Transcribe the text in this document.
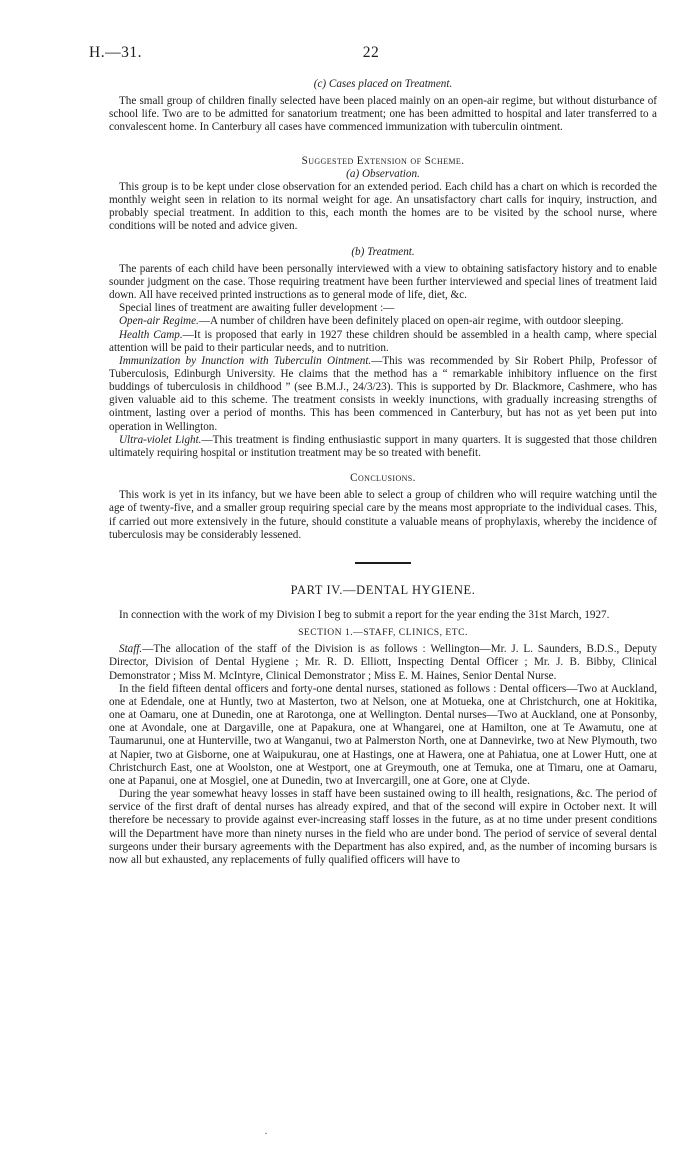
H.—31.	22
(c) Cases placed on Treatment.

The small group of children finally selected have been placed mainly on an open-air regime, but without disturbance of school life. Two are to be admitted for sanatorium treatment; one has been admitted to hospital and later transferred to a convalescent home. In Canterbury all cases have commenced immunization with tuberculin ointment.

Suggested Extension of Scheme.
(a) Observation.

This group is to be kept under close observation for an extended period. Each child has a chart on which is recorded the monthly weight seen in relation to its normal weight for age. An unsatisfactory chart calls for inquiry, instruction, and probably special treatment. In addition to this, each month the homes are to be visited by the school nurse, where conditions will be noted and advice given.

(b) Treatment.

The parents of each child have been personally interviewed with a view to obtaining satisfactory history and to enable sounder judgment on the case. Those requiring treatment have been further interviewed and special lines of treatment laid down. All have received printed instructions as to general mode of life, diet, &c.

Special lines of treatment are awaiting fuller development :—

Open-air Regime.—A number of children have been definitely placed on open-air regime, with outdoor sleeping.

Health Camp.—It is proposed that early in 1927 these children should be assembled in a health camp, where special attention will be paid to their particular needs, and to nutrition.

Immunization by Inunction with Tuberculin Ointment.—This was recommended by Sir Robert Philp, Professor of Tuberculosis, Edinburgh University. He claims that the method has a “ remarkable inhibitory influence on the first buddings of tuberculosis in childhood ” (see B.M.J., 24/3/23). This is supported by Dr. Blackmore, Cashmere, who has given valuable aid to this scheme. The treatment consists in weekly inunctions, with gradually increasing strengths of ointment, lasting over a period of months. This has been commenced in Canterbury, but has not as yet been put into operation in Wellington.

Ultra-violet Light.—This treatment is finding enthusiastic support in many quarters. It is suggested that those children ultimately requiring hospital or institution treatment may be so treated with benefit.

Conclusions.

This work is yet in its infancy, but we have been able to select a group of children who will require watching until the age of twenty-five, and a smaller group requiring special care by the means most appropriate to the individual cases. This, if carried out more extensively in the future, should constitute a valuable means of prophylaxis, whereby the incidence of tuberculosis may be considerably lessened.

PART IV.—DENTAL HYGIENE.

In connection with the work of my Division I beg to submit a report for the year ending the 31st March, 1927.

SECTION 1.—STAFF, CLINICS, ETC.

Staff.—The allocation of the staff of the Division is as follows : Wellington—Mr. J. L. Saunders, B.D.S., Deputy Director, Division of Dental Hygiene ; Mr. R. D. Elliott, Inspecting Dental Officer ; Mr. J. B. Bibby, Clinical Demonstrator ; Miss M. McIntyre, Clinical Demonstrator ; Miss E. M. Haines, Senior Dental Nurse.

In the field fifteen dental officers and forty-one dental nurses, stationed as follows : Dental officers—Two at Auckland, one at Edendale, one at Huntly, two at Masterton, two at Nelson, one at Motueka, one at Christchurch, one at Hokitika, one at Oamaru, one at Dunedin, one at Rarotonga, one at Wellington. Dental nurses—Two at Auckland, one at Ponsonby, one at Avondale, one at Dargaville, one at Papakura, one at Whangarei, one at Hamilton, one at Te Awamutu, one at Taumarunui, one at Hunterville, two at Wanganui, two at Palmerston North, one at Dannevirke, two at New Plymouth, two at Napier, two at Gisborne, one at Waipukurau, one at Hastings, one at Hawera, one at Pahiatua, one at Lower Hutt, one at Christchurch East, one at Woolston, one at Westport, one at Greymouth, one at Temuka, one at Timaru, one at Oamaru, one at Papanui, one at Mosgiel, one at Dunedin, two at Invercargill, one at Gore, one at Clyde.

During the year somewhat heavy losses in staff have been sustained owing to ill health, resignations, &c. The period of service of the first draft of dental nurses has already expired, and that of the second will expire in October next. It will therefore be necessary to provide against ever-increasing staff losses in the future, as at no time under present conditions will the Department have more than ninety nurses in the field who are under bond. The period of service of several dental surgeons under their bursary agreements with the Department has also expired, and, as the number of incoming bursars is now all but exhausted, any replacements of fully qualified officers will have to

·
